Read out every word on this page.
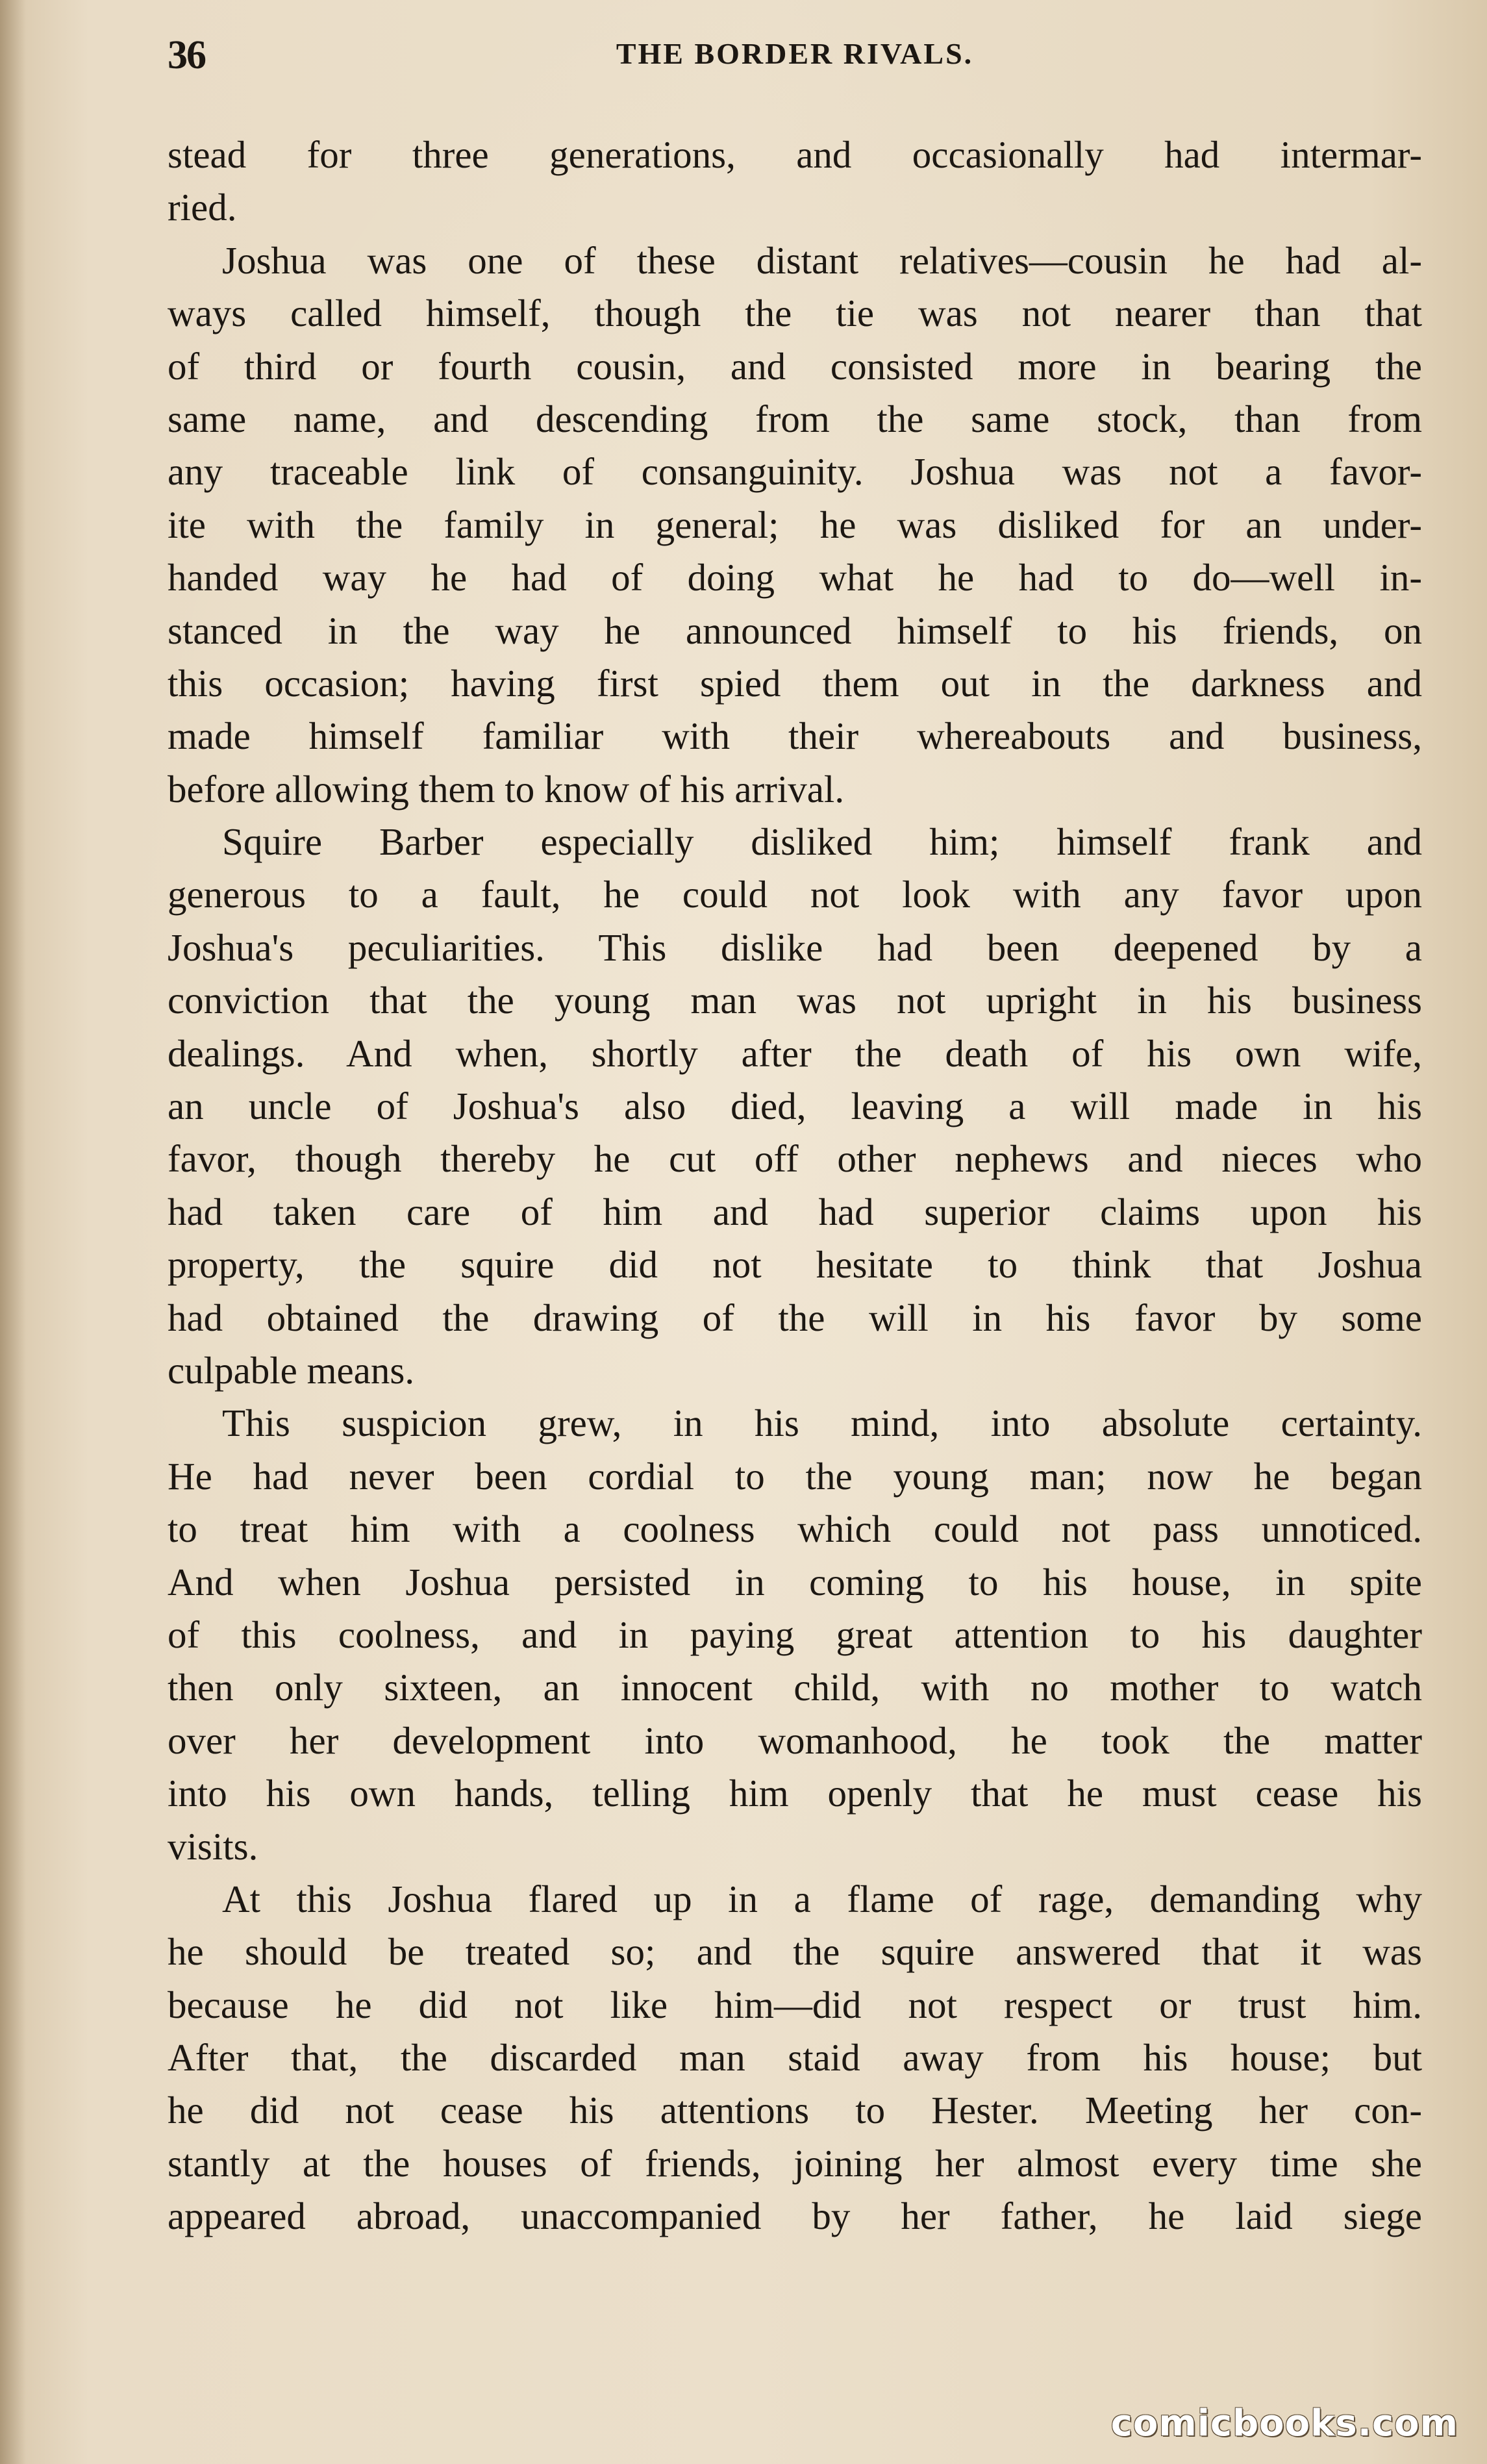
36	THE BORDER RIVALS.
stead for three generations, and occasionally had intermar-
ried.
Joshua was one of these distant relatives—cousin he had al-
ways called himself, though the tie was not nearer than that
of third or fourth cousin, and consisted more in bearing the
same name, and descending from the same stock, than from
any traceable link of consanguinity. Joshua was not a favor-
ite with the family in general; he was disliked for an under-
handed way he had of doing what he had to do—well in-
stanced in the way he announced himself to his friends, on
this occasion; having first spied them out in the darkness and
made himself familiar with their whereabouts and business,
before allowing them to know of his arrival.
Squire Barber especially disliked him; himself frank and
generous to a fault, he could not look with any favor upon
Joshua's peculiarities. This dislike had been deepened by a
conviction that the young man was not upright in his business
dealings. And when, shortly after the death of his own wife,
an uncle of Joshua's also died, leaving a will made in his
favor, though thereby he cut off other nephews and nieces who
had taken care of him and had superior claims upon his
property, the squire did not hesitate to think that Joshua
had obtained the drawing of the will in his favor by some
culpable means.
This suspicion grew, in his mind, into absolute certainty.
He had never been cordial to the young man; now he began
to treat him with a coolness which could not pass unnoticed.
And when Joshua persisted in coming to his house, in spite
of this coolness, and in paying great attention to his daughter
then only sixteen, an innocent child, with no mother to watch
over her development into womanhood, he took the matter
into his own hands, telling him openly that he must cease his
visits.
At this Joshua flared up in a flame of rage, demanding why
he should be treated so; and the squire answered that it was
because he did not like him—did not respect or trust him.
After that, the discarded man staid away from his house; but
he did not cease his attentions to Hester. Meeting her con-
stantly at the houses of friends, joining her almost every time she
appeared abroad, unaccompanied by her father, he laid siege
comicbooks.com
